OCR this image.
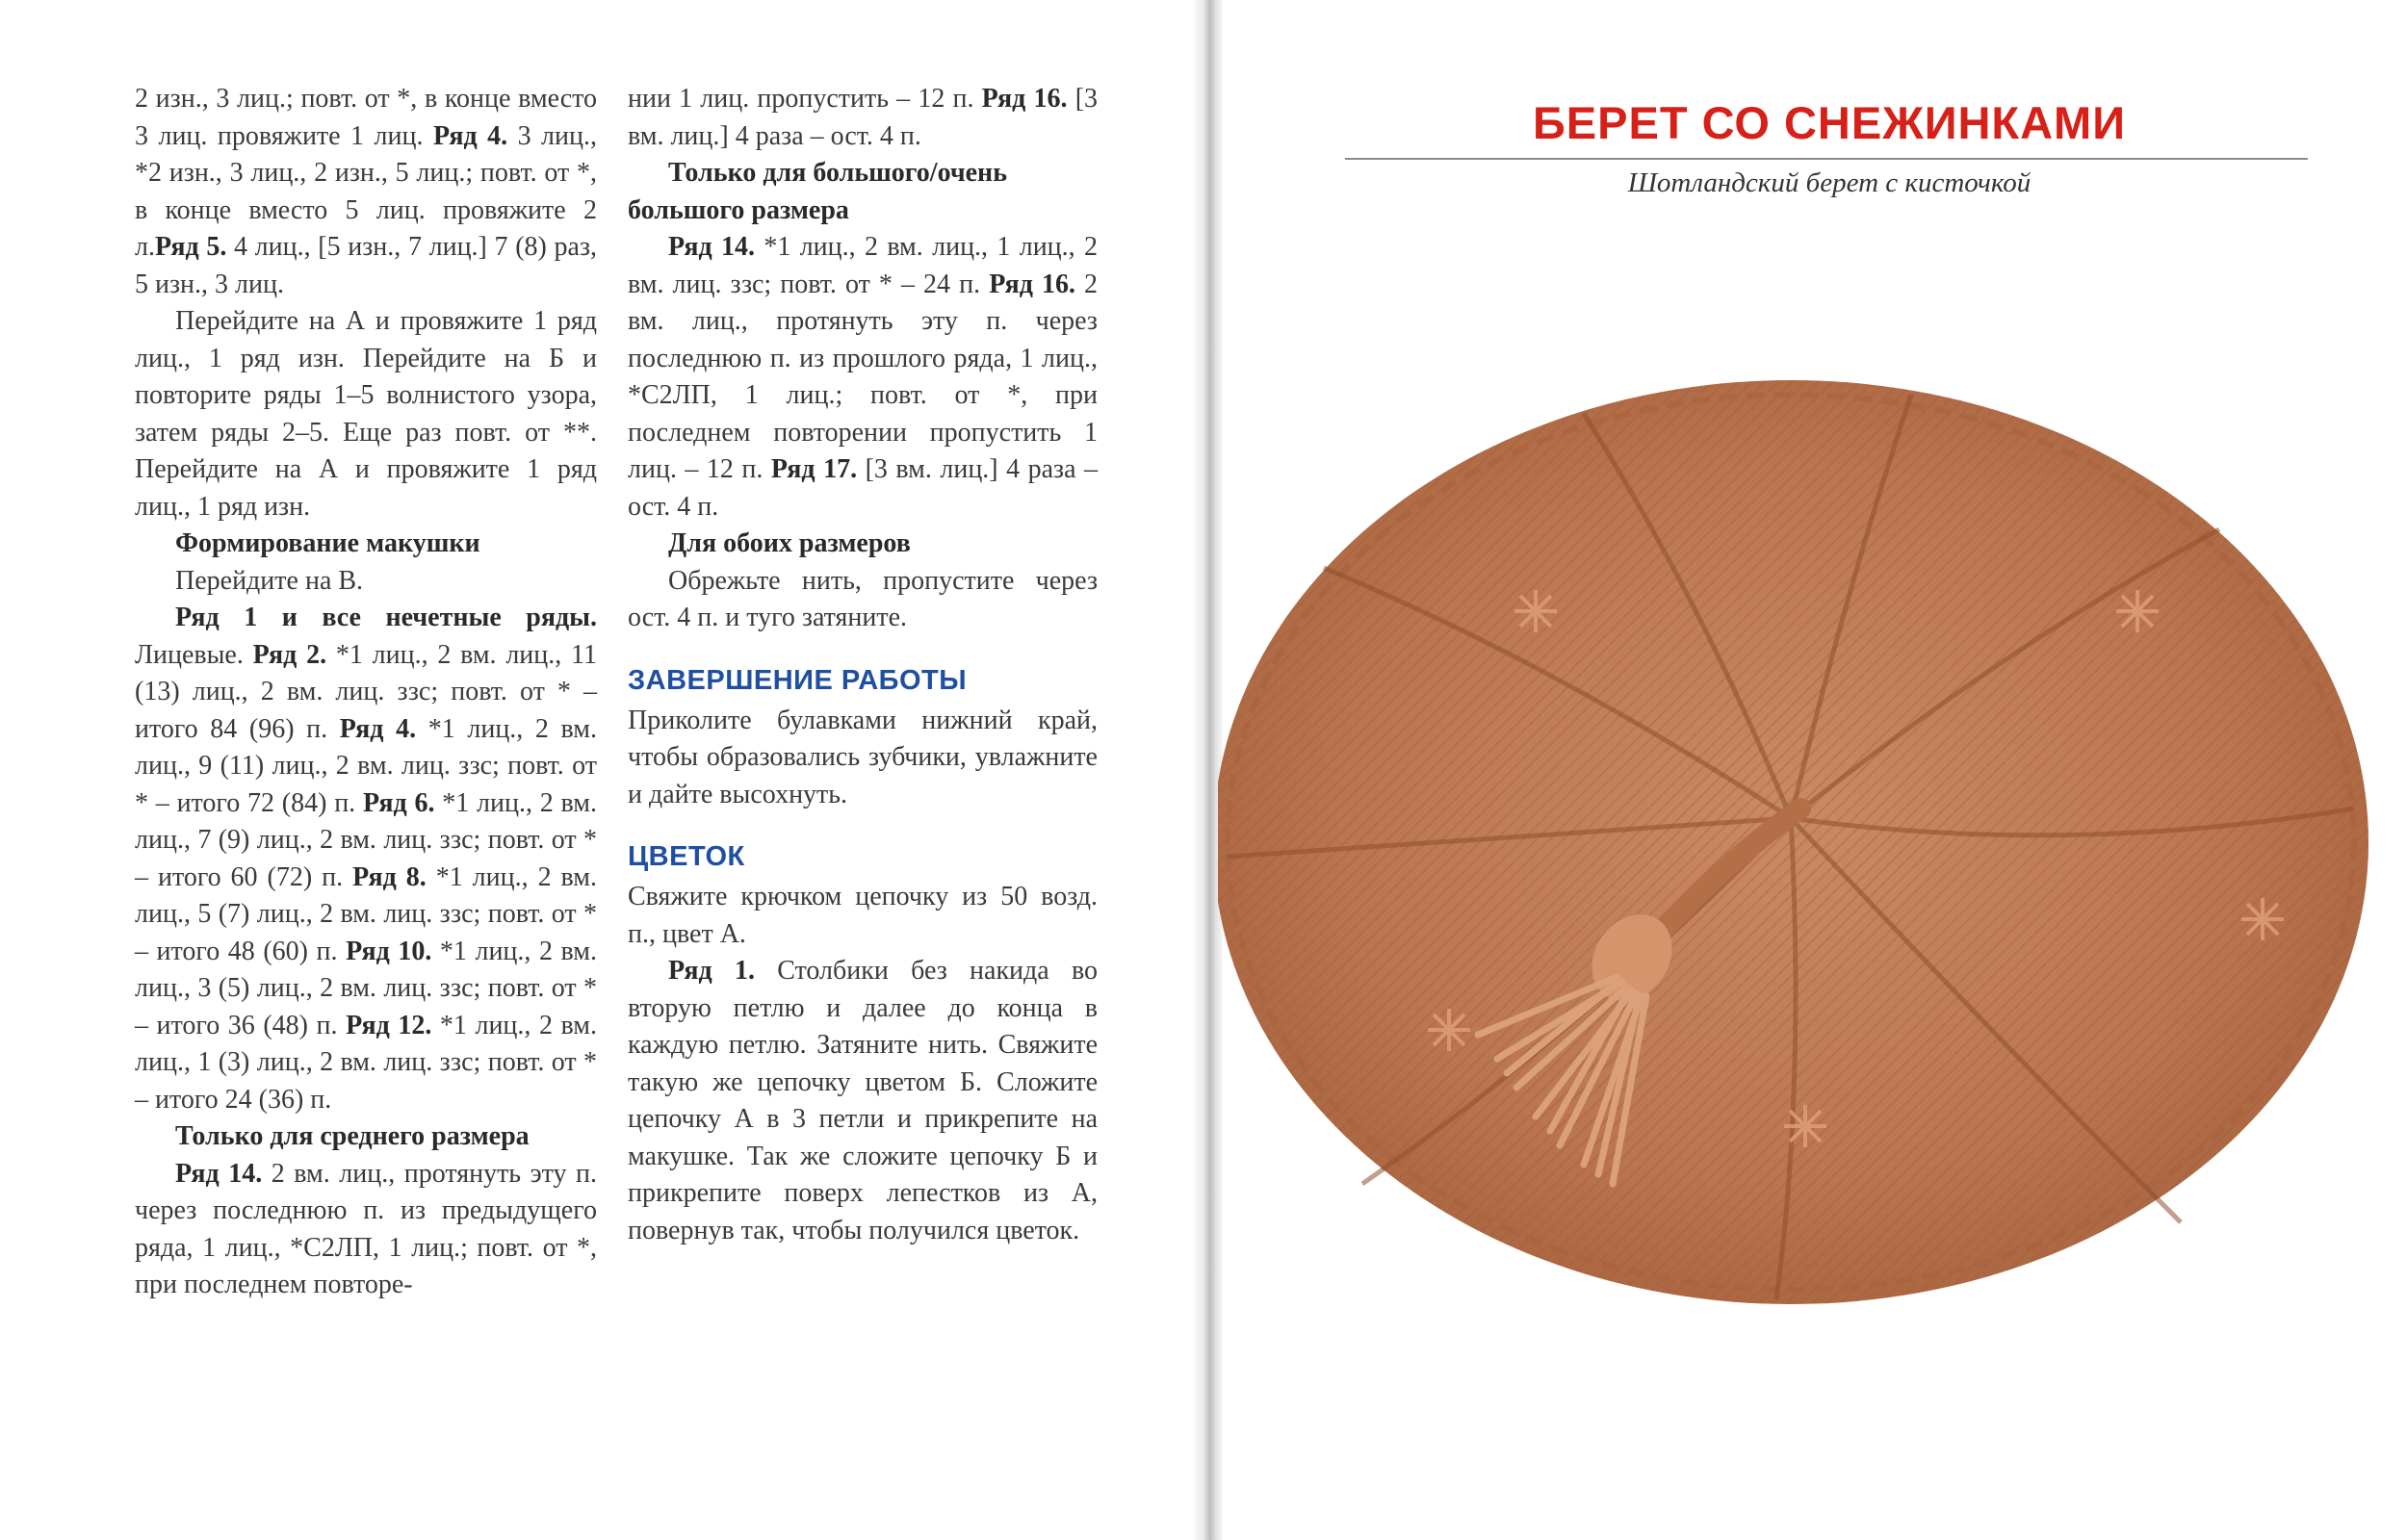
2 изн., 3 лиц.; повт. от *, в конце вместо 3 лиц. провяжите 1 лиц. Ряд 4. 3 лиц., *2 изн., 3 лиц., 2 изн., 5 лиц.; повт. от *, в конце вместо 5 лиц. провяжите 2 л.Ряд 5. 4 лиц., [5 изн., 7 лиц.] 7 (8) раз, 5 изн., 3 лиц.

Перейдите на А и провяжите 1 ряд лиц., 1 ряд изн. Перейдите на Б и повторите ряды 1–5 волнистого узора, затем ряды 2–5. Еще раз повт. от **. Перейдите на А и провяжите 1 ряд лиц., 1 ряд изн.

Формирование макушки

Перейдите на В.

Ряд 1 и все нечетные ряды. Лицевые. Ряд 2. *1 лиц., 2 вм. лиц., 11 (13) лиц., 2 вм. лиц. ззс; повт. от * – итого 84 (96) п. Ряд 4. *1 лиц., 2 вм. лиц., 9 (11) лиц., 2 вм. лиц. ззс; повт. от * – итого 72 (84) п. Ряд 6. *1 лиц., 2 вм. лиц., 7 (9) лиц., 2 вм. лиц. ззс; повт. от * – итого 60 (72) п. Ряд 8. *1 лиц., 2 вм. лиц., 5 (7) лиц., 2 вм. лиц. ззс; повт. от * – итого 48 (60) п. Ряд 10. *1 лиц., 2 вм. лиц., 3 (5) лиц., 2 вм. лиц. ззс; повт. от * – итого 36 (48) п. Ряд 12. *1 лиц., 2 вм. лиц., 1 (3) лиц., 2 вм. лиц. ззс; повт. от * – итого 24 (36) п.

Только для среднего размера

Ряд 14. 2 вм. лиц., протянуть эту п. через последнюю п. из предыдущего ряда, 1 лиц., *С2ЛП, 1 лиц.; повт. от *, при последнем повторе-

нии 1 лиц. пропустить – 12 п. Ряд 16. [3 вм. лиц.] 4 раза – ост. 4 п.

Только для большого/очень большого размера

Ряд 14. *1 лиц., 2 вм. лиц., 1 лиц., 2 вм. лиц. ззс; повт. от * – 24 п. Ряд 16. 2 вм. лиц., протянуть эту п. через последнюю п. из прошлого ряда, 1 лиц., *С2ЛП, 1 лиц.; повт. от *, при последнем повторении пропустить 1 лиц. – 12 п. Ряд 17. [3 вм. лиц.] 4 раза – ост. 4 п.

Для обоих размеров

Обрежьте нить, пропустите через ост. 4 п. и туго затяните.

ЗАВЕРШЕНИЕ РАБОТЫ

Приколите булавками нижний край, чтобы образовались зубчики, увлажните и дайте высохнуть.

ЦВЕТОК

Свяжите крючком цепочку из 50 возд. п., цвет А.

Ряд 1. Столбики без накида во вторую петлю и далее до конца в каждую петлю. Затяните нить. Свяжите такую же цепочку цветом Б. Сложите цепочку А в 3 петли и прикрепите на макушке. Так же сложите цепочку Б и прикрепите поверх лепестков из А, повернув так, чтобы получился цветок.

БЕРЕТ СО СНЕЖИНКАМИ
Шотландский берет с кисточкой
